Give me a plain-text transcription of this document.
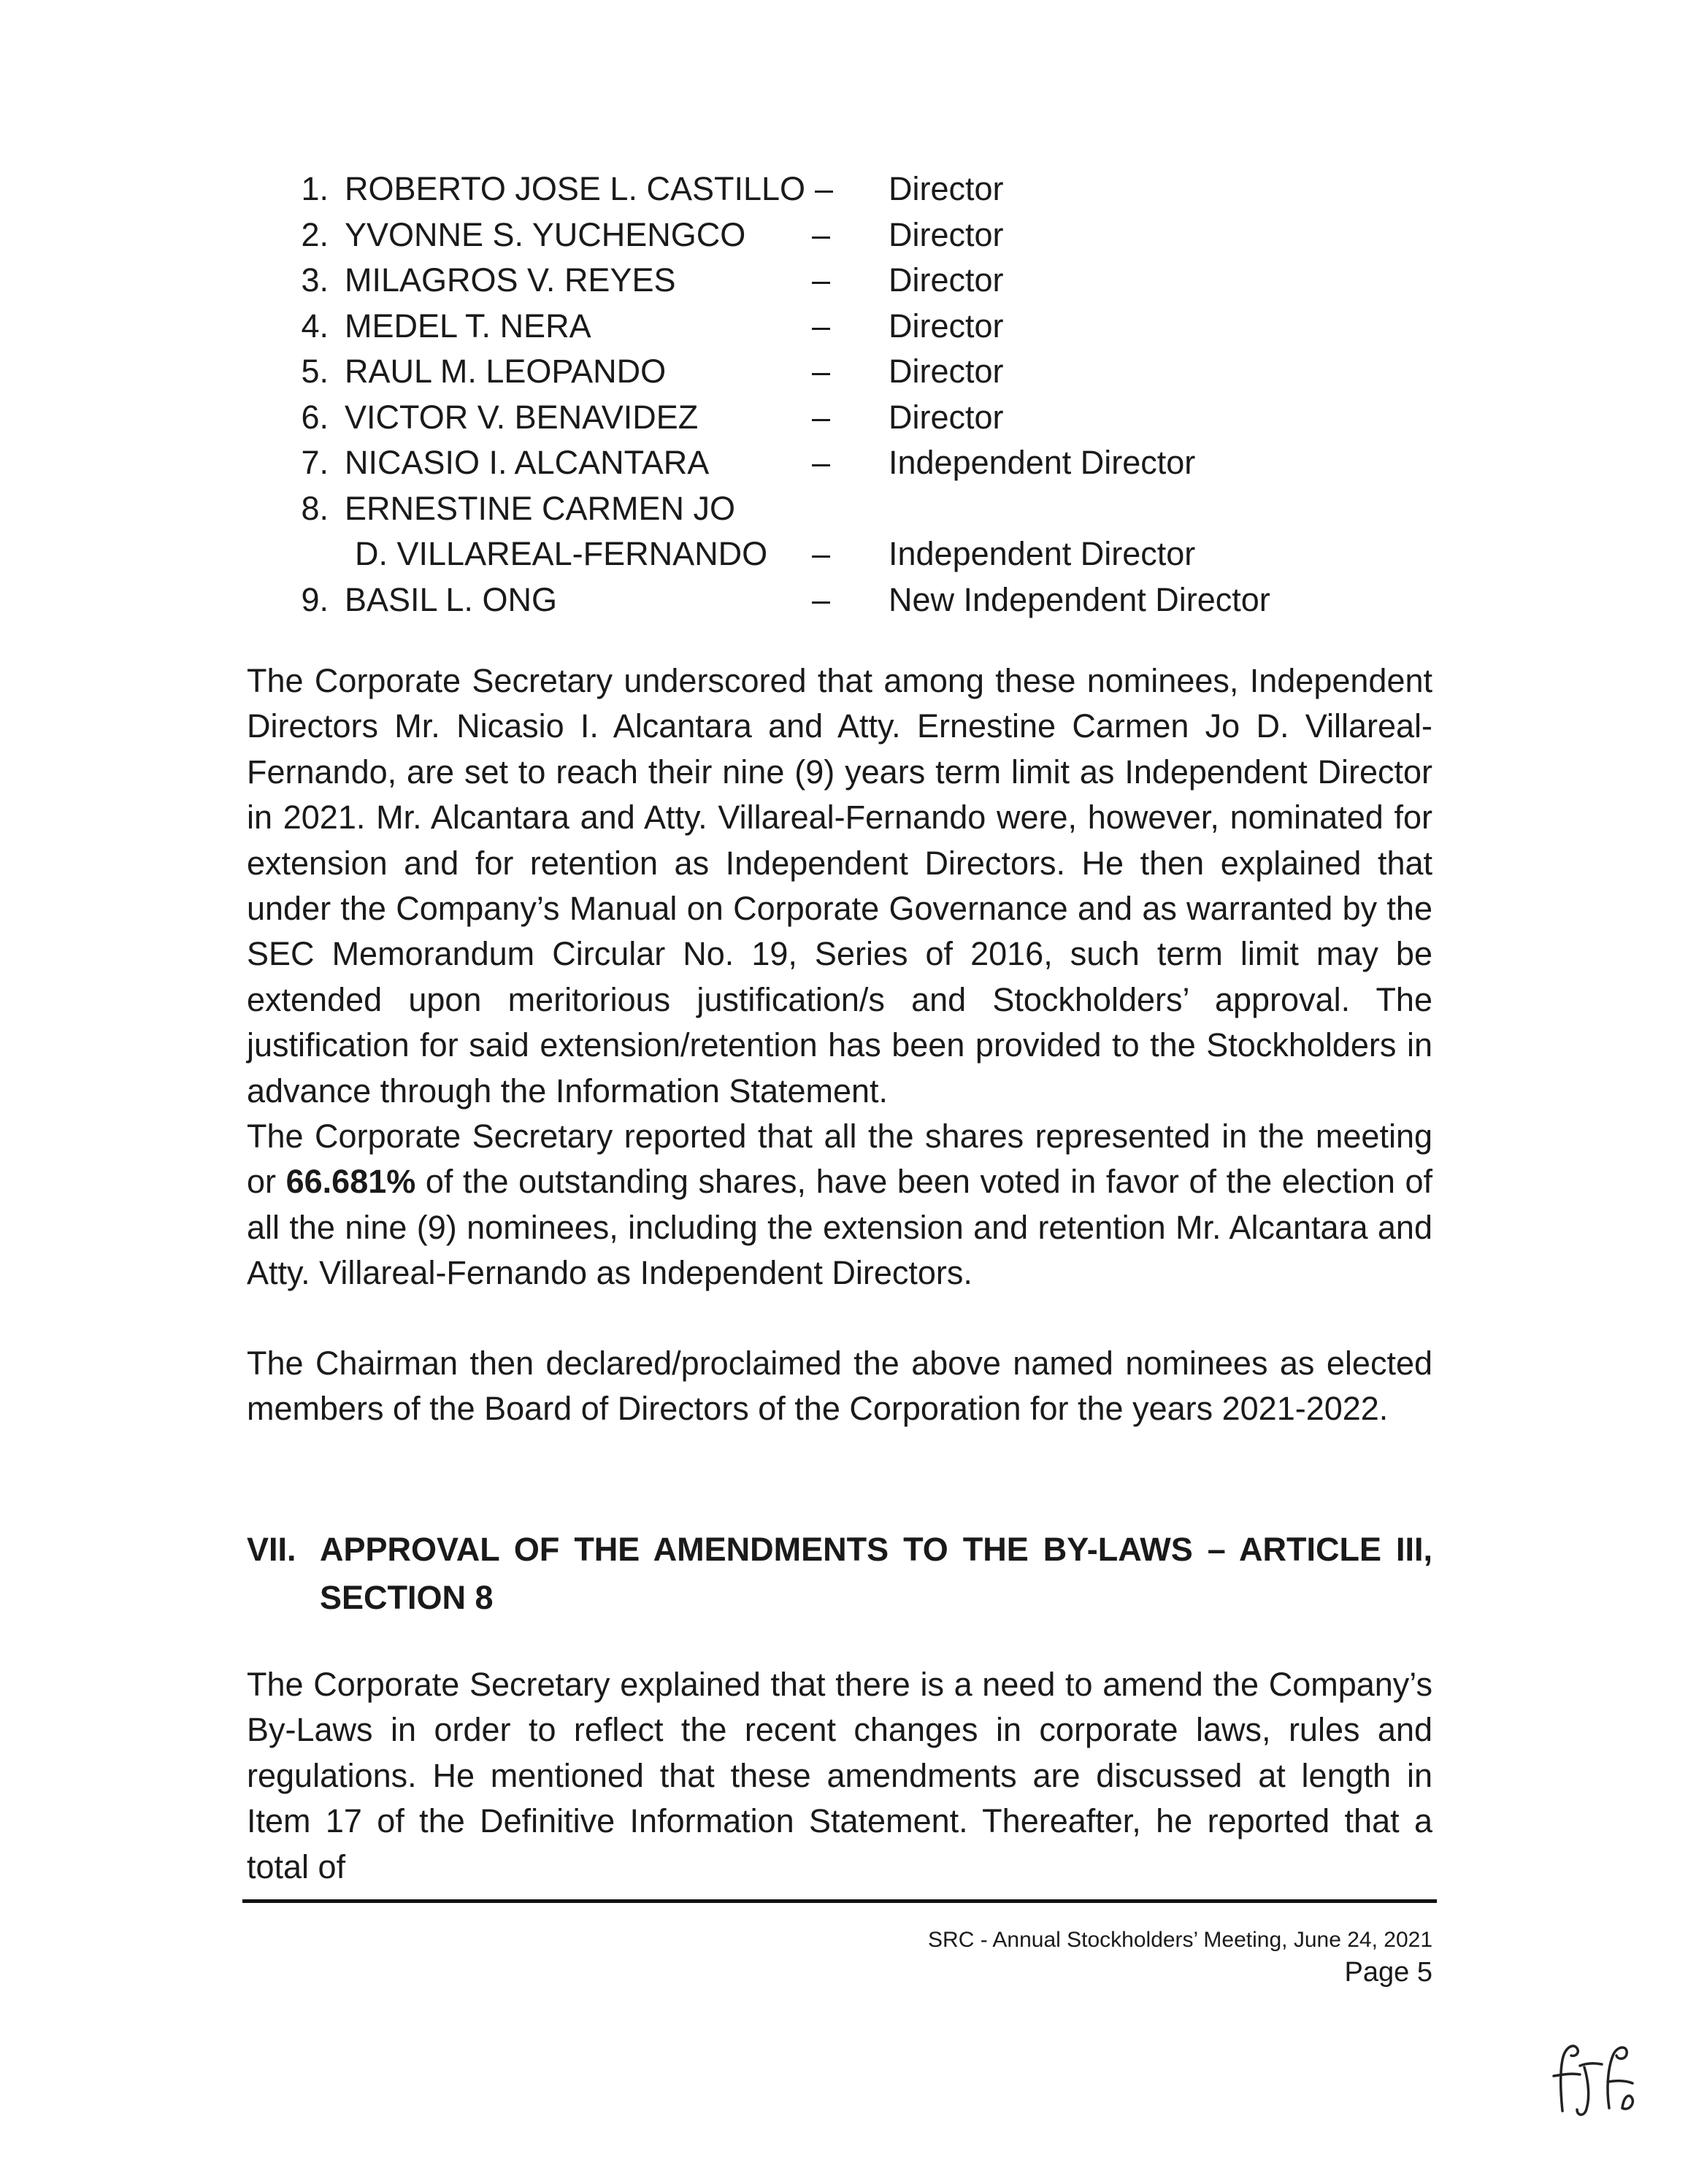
1. ROBERTO JOSE L. CASTILLO – Director
2. YVONNE S. YUCHENGCO – Director
3. MILAGROS V. REYES	– Director
4. MEDEL T. NERA	– Director
5. RAUL M. LEOPANDO	– Director
6. VICTOR V. BENAVIDEZ	– Director
7. NICASIO I. ALCANTARA	– Independent Director
8. ERNESTINE CARMEN JO
D. VILLAREAL-FERNANDO – Independent Director
9. BASIL L. ONG	– New Independent Director

The Corporate Secretary underscored that among these nominees, Independent Directors Mr. Nicasio I. Alcantara and Atty. Ernestine Carmen Jo D. Villareal-Fernando, are set to reach their nine (9) years term limit as Independent Director in 2021. Mr. Alcantara and Atty. Villareal-Fernando were, however, nominated for extension and for retention as Independent Directors. He then explained that under the Company’s Manual on Corporate Governance and as warranted by the SEC Memorandum Circular No. 19, Series of 2016, such term limit may be extended upon meritorious justification/s and Stockholders’ approval. The justification for said extension/retention has been provided to the Stockholders in advance through the Information Statement.

The Corporate Secretary reported that all the shares represented in the meeting or 66.681% of the outstanding shares, have been voted in favor of the election of all the nine (9) nominees, including the extension and retention Mr. Alcantara and Atty. Villareal-Fernando as Independent Directors.

The Chairman then declared/proclaimed the above named nominees as elected members of the Board of Directors of the Corporation for the years 2021-2022.

VII. APPROVAL OF THE AMENDMENTS TO THE BY-LAWS – ARTICLE III, SECTION 8

The Corporate Secretary explained that there is a need to amend the Company’s By-Laws in order to reflect the recent changes in corporate laws, rules and regulations. He mentioned that these amendments are discussed at length in Item 17 of the Definitive Information Statement. Thereafter, he reported that a total of

SRC - Annual Stockholders’ Meeting, June 24, 2021
Page 5
